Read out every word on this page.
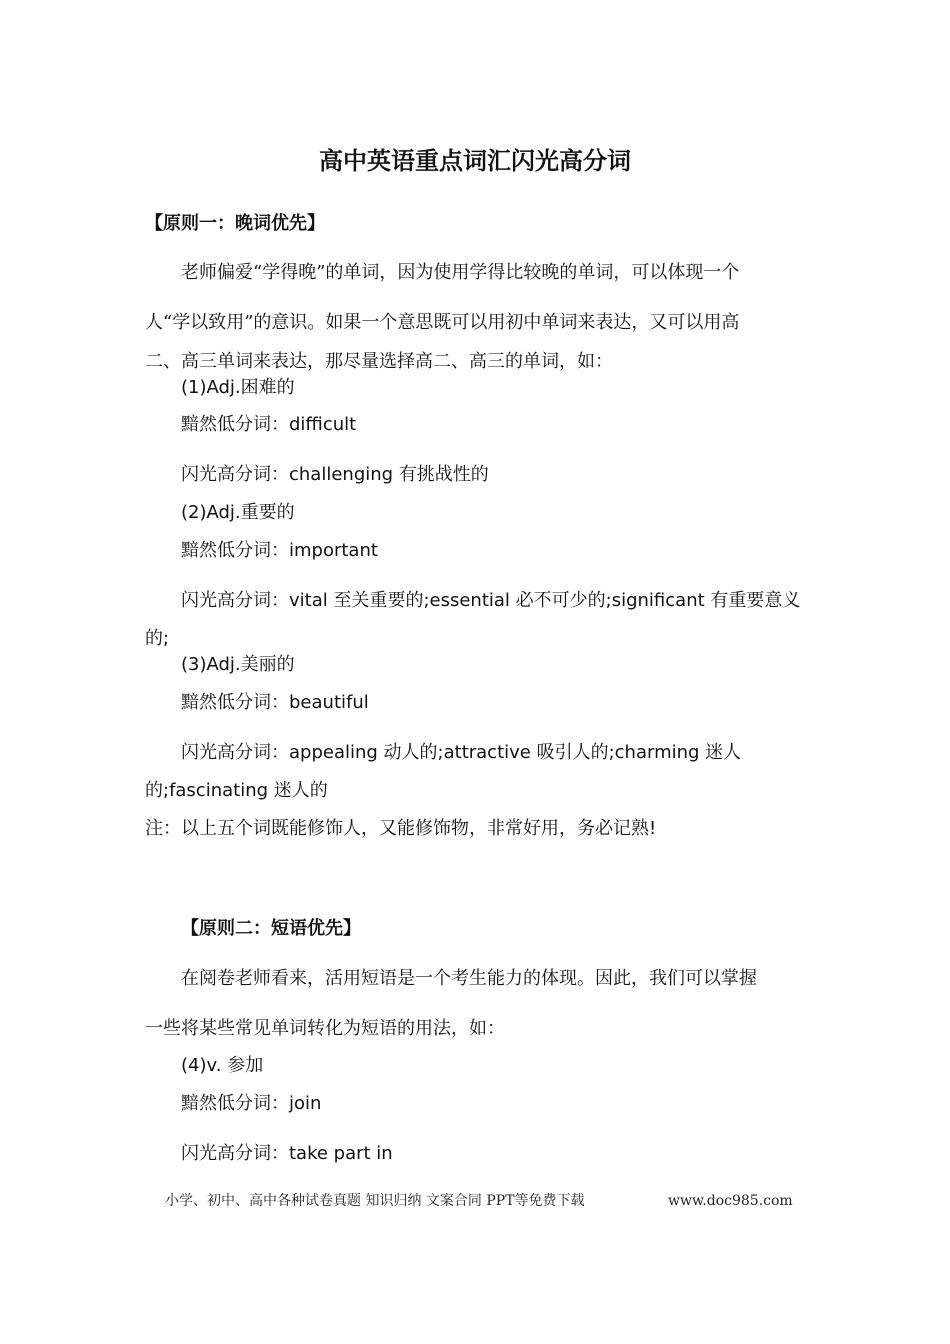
高中英语重点词汇闪光高分词
【原则一：晚词优先】
老师偏爱“学得晚”的单词，因为使用学得比较晚的单词，可以体现一个
人“学以致用”的意识。如果一个意思既可以用初中单词来表达，又可以用高
二、高三单词来表达，那尽量选择高二、高三的单词，如：
(1)Adj.困难的
黯然低分词：difficult
闪光高分词：challenging 有挑战性的
(2)Adj.重要的
黯然低分词：important
闪光高分词：vital 至关重要的;essential 必不可少的;significant 有重要意义
的;
(3)Adj.美丽的
黯然低分词：beautiful
闪光高分词：appealing 动人的;attractive 吸引人的;charming 迷人
的;fascinating 迷人的
注：以上五个词既能修饰人，又能修饰物，非常好用，务必记熟!
【原则二：短语优先】
在阅卷老师看来，活用短语是一个考生能力的体现。因此，我们可以掌握
一些将某些常见单词转化为短语的用法，如：
(4)v. 参加
黯然低分词：join
闪光高分词：take part in
小学、初中、高中各种试卷真题 知识归纳 文案合同 PPT等免费下载	www.doc985.com
